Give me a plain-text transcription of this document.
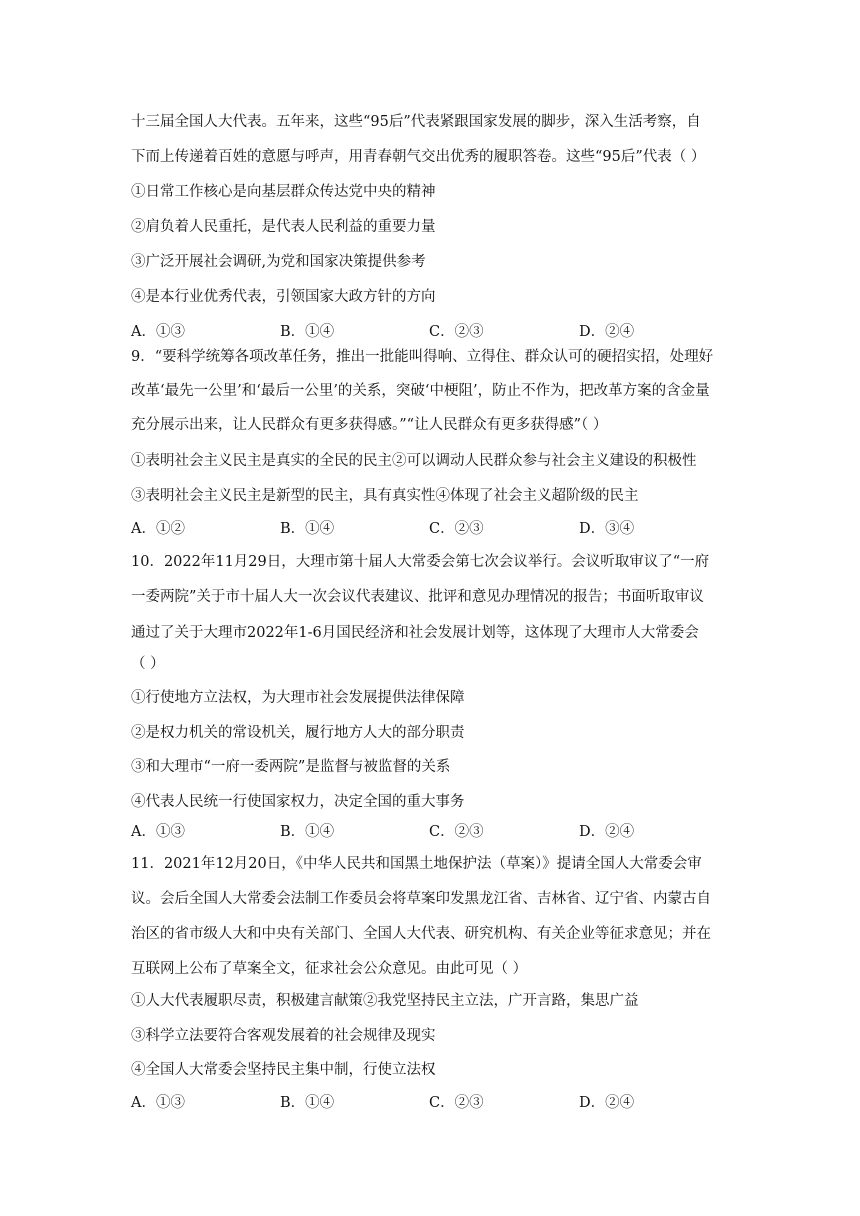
十三届全国人大代表。五年来，这些“95后”代表紧跟国家发展的脚步，深入生活考察，自
下而上传递着百姓的意愿与呼声，用青春朝气交出优秀的履职答卷。这些“95后”代表（ ）
①日常工作核心是向基层群众传达党中央的精神
②肩负着人民重托，是代表人民利益的重要力量
③广泛开展社会调研,为党和国家决策提供参考
④是本行业优秀代表，引领国家大政方针的方向
A．①③	B．①④	C．②③	D．②④
9．“要科学统筹各项改革任务，推出一批能叫得响、立得住、群众认可的硬招实招，处理好
改革‘最先一公里’和‘最后一公里’的关系，突破‘中梗阻’，防止不作为，把改革方案的含金量
充分展示出来，让人民群众有更多获得感。”“让人民群众有更多获得感”（ ）
①表明社会主义民主是真实的全民的民主②可以调动人民群众参与社会主义建设的积极性
③表明社会主义民主是新型的民主，具有真实性④体现了社会主义超阶级的民主
A．①②	B．①④	C．②③	D．③④
10．2022年11月29日，大理市第十届人大常委会第七次会议举行。会议听取审议了“一府
一委两院”关于市十届人大一次会议代表建议、批评和意见办理情况的报告；书面听取审议
通过了关于大理市2022年1-6月国民经济和社会发展计划等，这体现了大理市人大常委会
（ ）
①行使地方立法权，为大理市社会发展提供法律保障
②是权力机关的常设机关，履行地方人大的部分职责
③和大理市“一府一委两院”是监督与被监督的关系
④代表人民统一行使国家权力，决定全国的重大事务
A．①③	B．①④	C．②③	D．②④
11．2021年12月20日，《中华人民共和国黑土地保护法（草案）》提请全国人大常委会审
议。会后全国人大常委会法制工作委员会将草案印发黑龙江省、吉林省、辽宁省、内蒙古自
治区的省市级人大和中央有关部门、全国人大代表、研究机构、有关企业等征求意见；并在
互联网上公布了草案全文，征求社会公众意见。由此可见（ ）
①人大代表履职尽责，积极建言献策②我党坚持民主立法，广开言路，集思广益
③科学立法要符合客观发展着的社会规律及现实
④全国人大常委会坚持民主集中制，行使立法权
A．①③	B．①④	C．②③	D．②④
